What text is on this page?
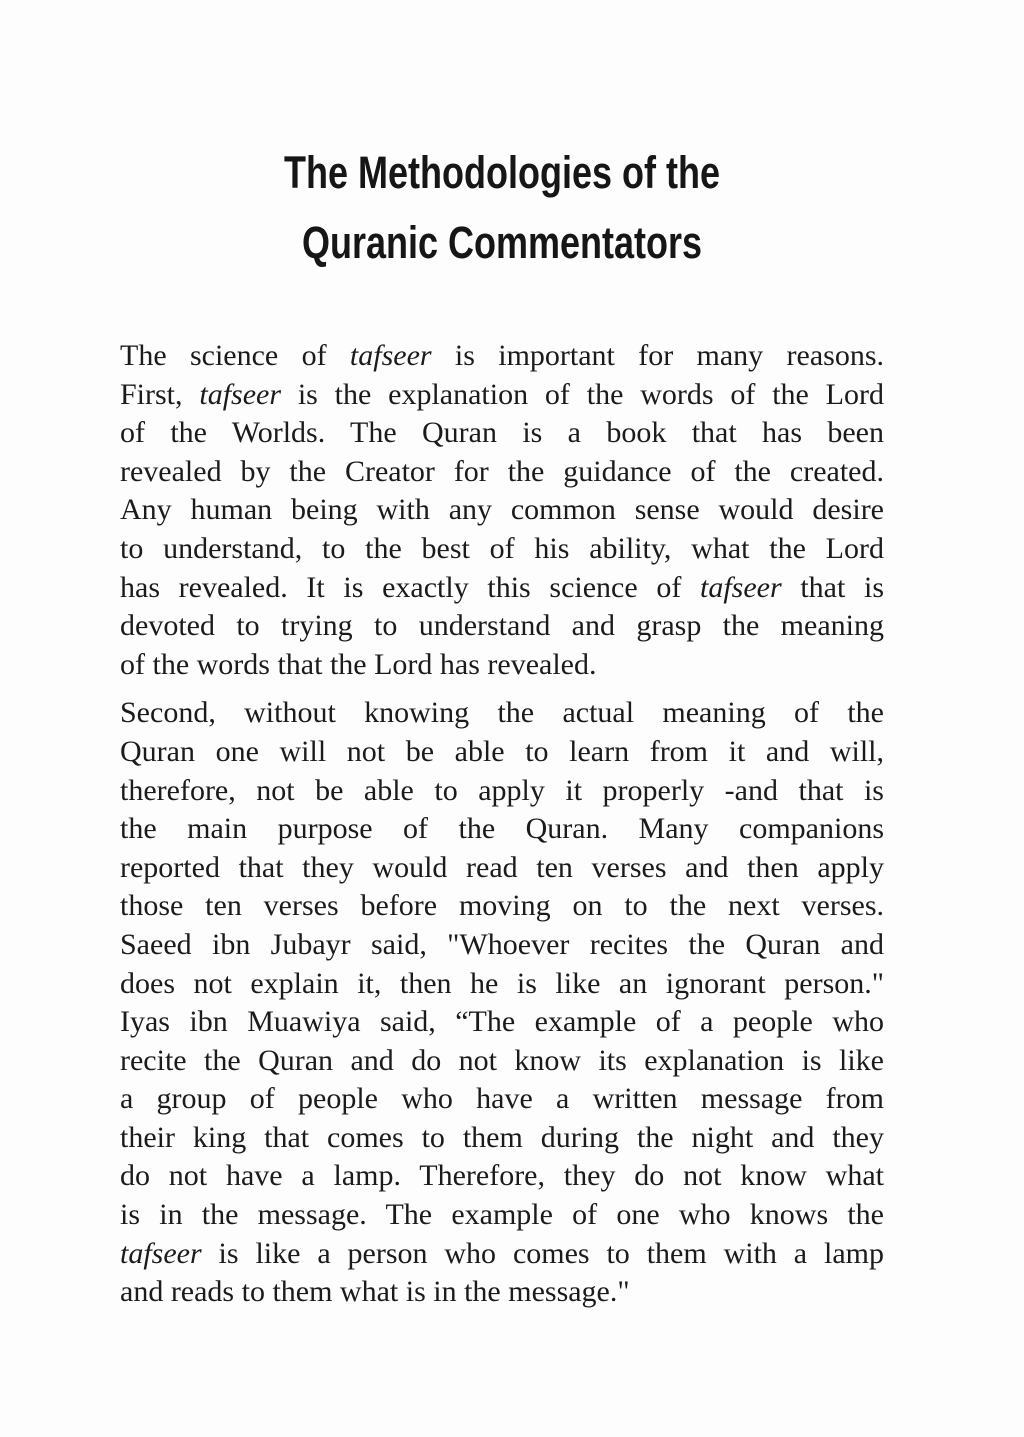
The Methodologies of the
Quranic Commentators

The science of tafseer is important for many reasons.
First, tafseer is the explanation of the words of the Lord
of the Worlds. The Quran is a book that has been
revealed by the Creator for the guidance of the created.
Any human being with any common sense would desire
to understand, to the best of his ability, what the Lord
has revealed. It is exactly this science of tafseer that is
devoted to trying to understand and grasp the meaning
of the words that the Lord has revealed.

Second, without knowing the actual meaning of the
Quran one will not be able to learn from it and will,
therefore, not be able to apply it properly -and that is
the main purpose of the Quran. Many companions
reported that they would read ten verses and then apply
those ten verses before moving on to the next verses.
Saeed ibn Jubayr said, "Whoever recites the Quran and
does not explain it, then he is like an ignorant person."
Iyas ibn Muawiya said, “The example of a people who
recite the Quran and do not know its explanation is like
a group of people who have a written message from
their king that comes to them during the night and they
do not have a lamp. Therefore, they do not know what
is in the message. The example of one who knows the
tafseer is like a person who comes to them with a lamp
and reads to them what is in the message."
